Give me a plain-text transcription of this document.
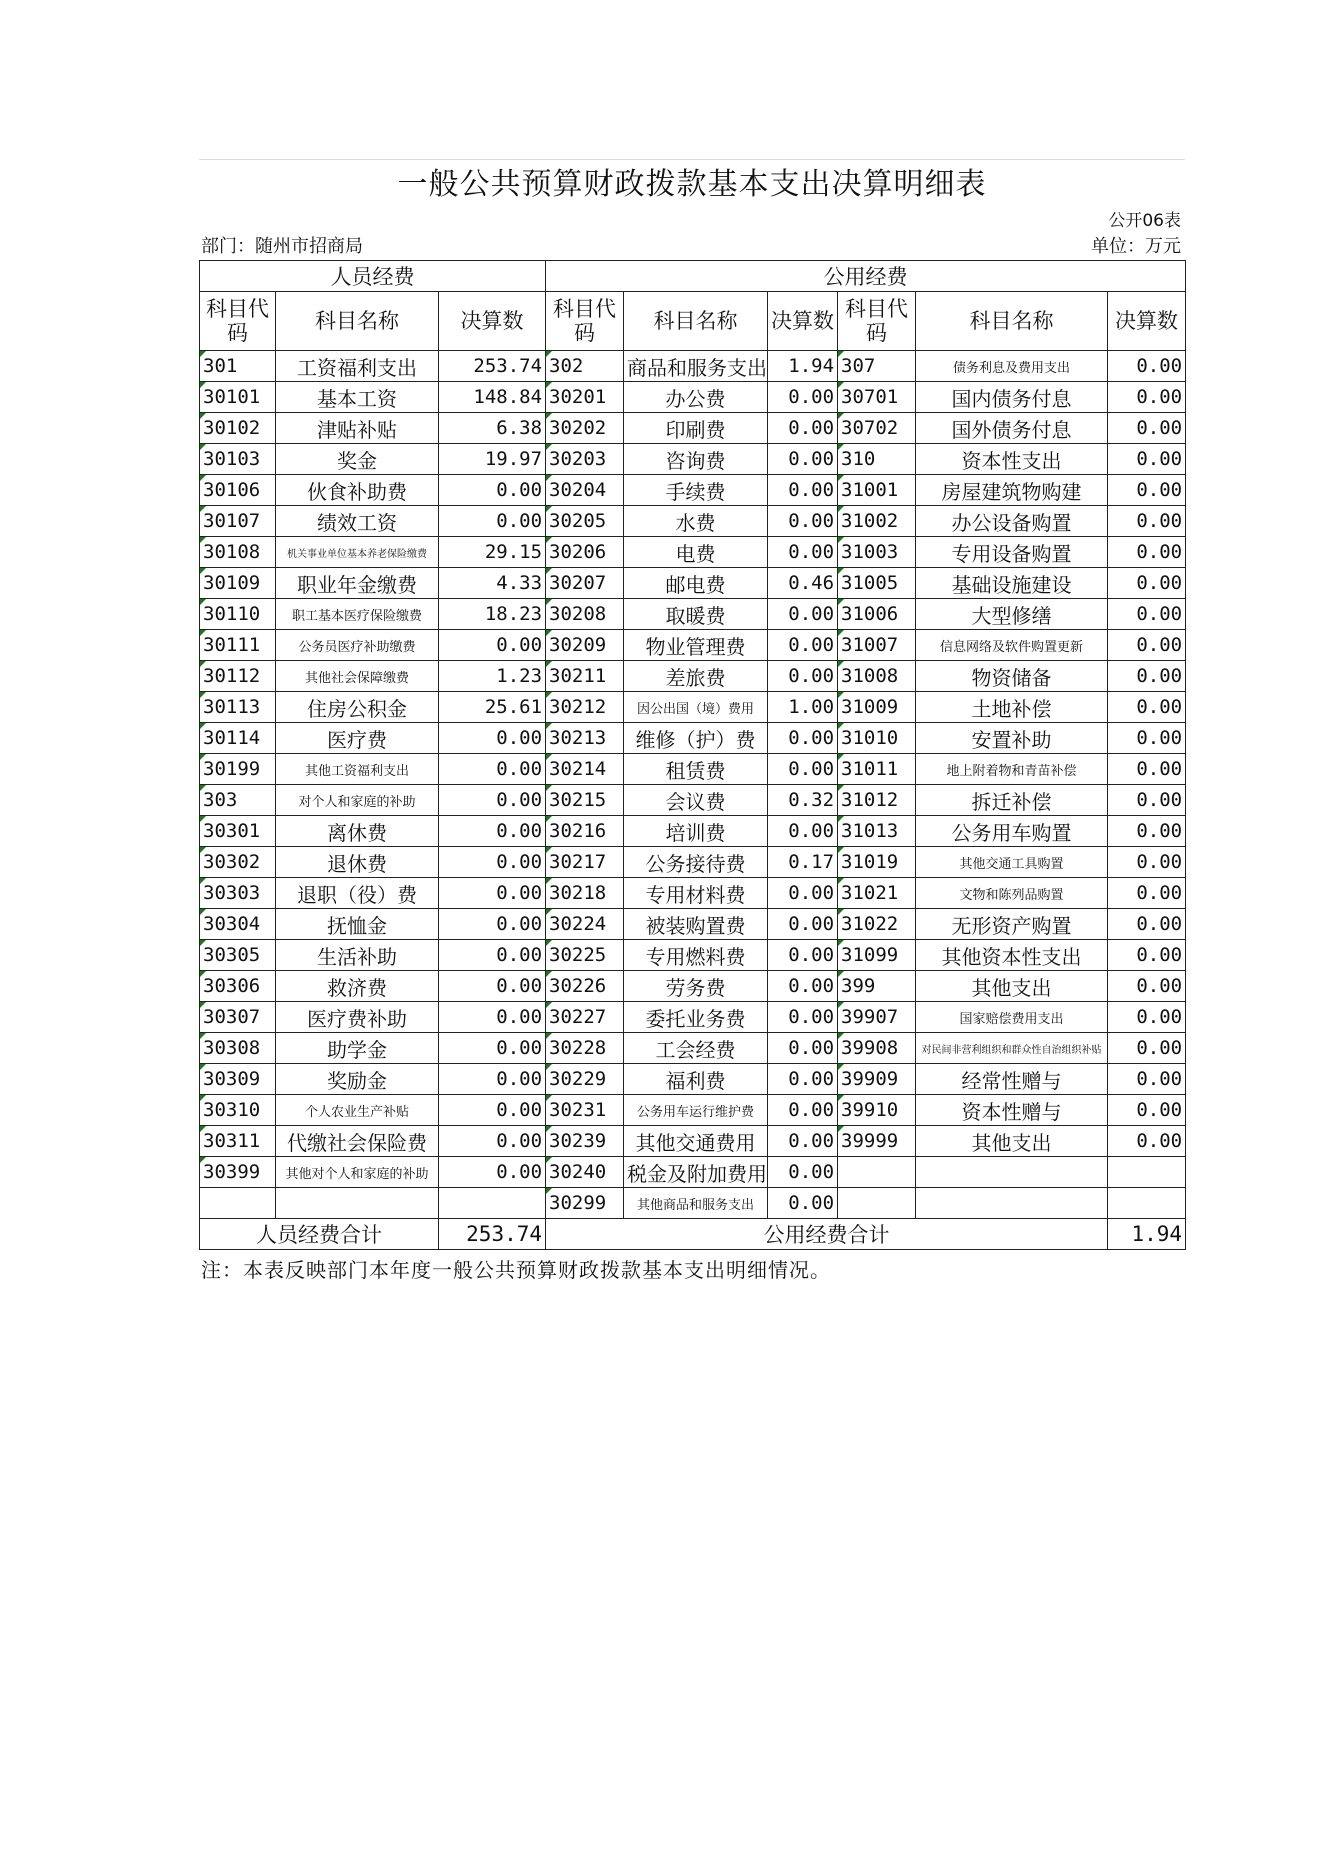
一般公共预算财政拨款基本支出决算明细表
公开06表
部门：随州市招商局	单位：万元
人员经费			公用经费					
科目代码	科目名称	决算数	科目代码	科目名称	决算数	科目代码	科目名称	决算数
301	工资福利支出	253.74	302	商品和服务支出	1.94	307	债务利息及费用支出	0.00
30101	基本工资	148.84	30201	办公费	0.00	30701	国内债务付息	0.00
30102	津贴补贴	6.38	30202	印刷费	0.00	30702	国外债务付息	0.00
30103	奖金	19.97	30203	咨询费	0.00	310	资本性支出	0.00
30106	伙食补助费	0.00	30204	手续费	0.00	31001	房屋建筑物购建	0.00
30107	绩效工资	0.00	30205	水费	0.00	31002	办公设备购置	0.00
30108	机关事业单位基本养老保险缴费	29.15	30206	电费	0.00	31003	专用设备购置	0.00
30109	职业年金缴费	4.33	30207	邮电费	0.46	31005	基础设施建设	0.00
30110	职工基本医疗保险缴费	18.23	30208	取暖费	0.00	31006	大型修缮	0.00
30111	公务员医疗补助缴费	0.00	30209	物业管理费	0.00	31007	信息网络及软件购置更新	0.00
30112	其他社会保障缴费	1.23	30211	差旅费	0.00	31008	物资储备	0.00
30113	住房公积金	25.61	30212	因公出国（境）费用	1.00	31009	土地补偿	0.00
30114	医疗费	0.00	30213	维修（护）费	0.00	31010	安置补助	0.00
30199	其他工资福利支出	0.00	30214	租赁费	0.00	31011	地上附着物和青苗补偿	0.00
303	对个人和家庭的补助	0.00	30215	会议费	0.32	31012	拆迁补偿	0.00
30301	离休费	0.00	30216	培训费	0.00	31013	公务用车购置	0.00
30302	退休费	0.00	30217	公务接待费	0.17	31019	其他交通工具购置	0.00
30303	退职（役）费	0.00	30218	专用材料费	0.00	31021	文物和陈列品购置	0.00
30304	抚恤金	0.00	30224	被装购置费	0.00	31022	无形资产购置	0.00
30305	生活补助	0.00	30225	专用燃料费	0.00	31099	其他资本性支出	0.00
30306	救济费	0.00	30226	劳务费	0.00	399	其他支出	0.00
30307	医疗费补助	0.00	30227	委托业务费	0.00	39907	国家赔偿费用支出	0.00
30308	助学金	0.00	30228	工会经费	0.00	39908	对民间非营利组织和群众性自治组织补贴	0.00
30309	奖励金	0.00	30229	福利费	0.00	39909	经常性赠与	0.00
30310	个人农业生产补贴	0.00	30231	公务用车运行维护费	0.00	39910	资本性赠与	0.00
30311	代缴社会保险费	0.00	30239	其他交通费用	0.00	39999	其他支出	0.00
30399	其他对个人和家庭的补助	0.00	30240	税金及附加费用	0.00			
			30299	其他商品和服务支出	0.00			
人员经费合计		253.74	公用经费合计					1.94
注：本表反映部门本年度一般公共预算财政拨款基本支出明细情况。
